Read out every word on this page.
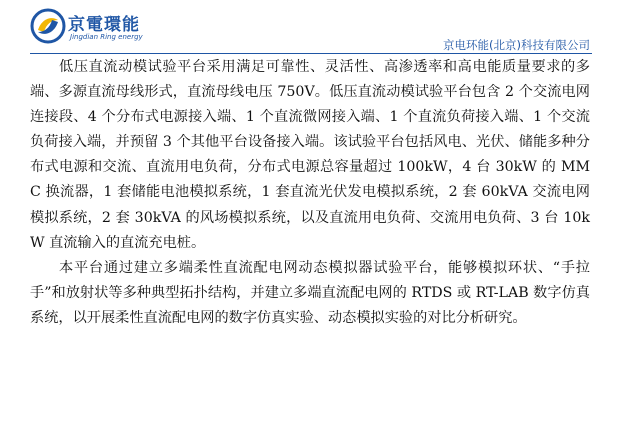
京電環能
Jingdian Ring energy
京电环能(北京)科技有限公司

低压直流动模试验平台采用满足可靠性、灵活性、高渗透率和高电能质量要求的多端、多源直流母线形式，直流母线电压 750V。低压直流动模试验平台包含 2 个交流电网连接段、4 个分布式电源接入端、1 个直流微网接入端、1 个直流负荷接入端、1 个交流负荷接入端，并预留 3 个其他平台设备接入端。该试验平台包括风电、光伏、储能多种分布式电源和交流、直流用电负荷，分布式电源总容量超过 100kW，4 台 30kW 的 MMC 换流器，1 套储能电池模拟系统，1 套直流光伏发电模拟系统，2 套 60kVA 交流电网模拟系统，2 套 30kVA 的风场模拟系统，以及直流用电负荷、交流用电负荷、3 台 10kW 直流输入的直流充电桩。

本平台通过建立多端柔性直流配电网动态模拟器试验平台，能够模拟环状、“手拉手”和放射状等多种典型拓扑结构，并建立多端直流配电网的 RTDS 或 RT-LAB 数字仿真系统，以开展柔性直流配电网的数字仿真实验、动态模拟实验的对比分析研究。
